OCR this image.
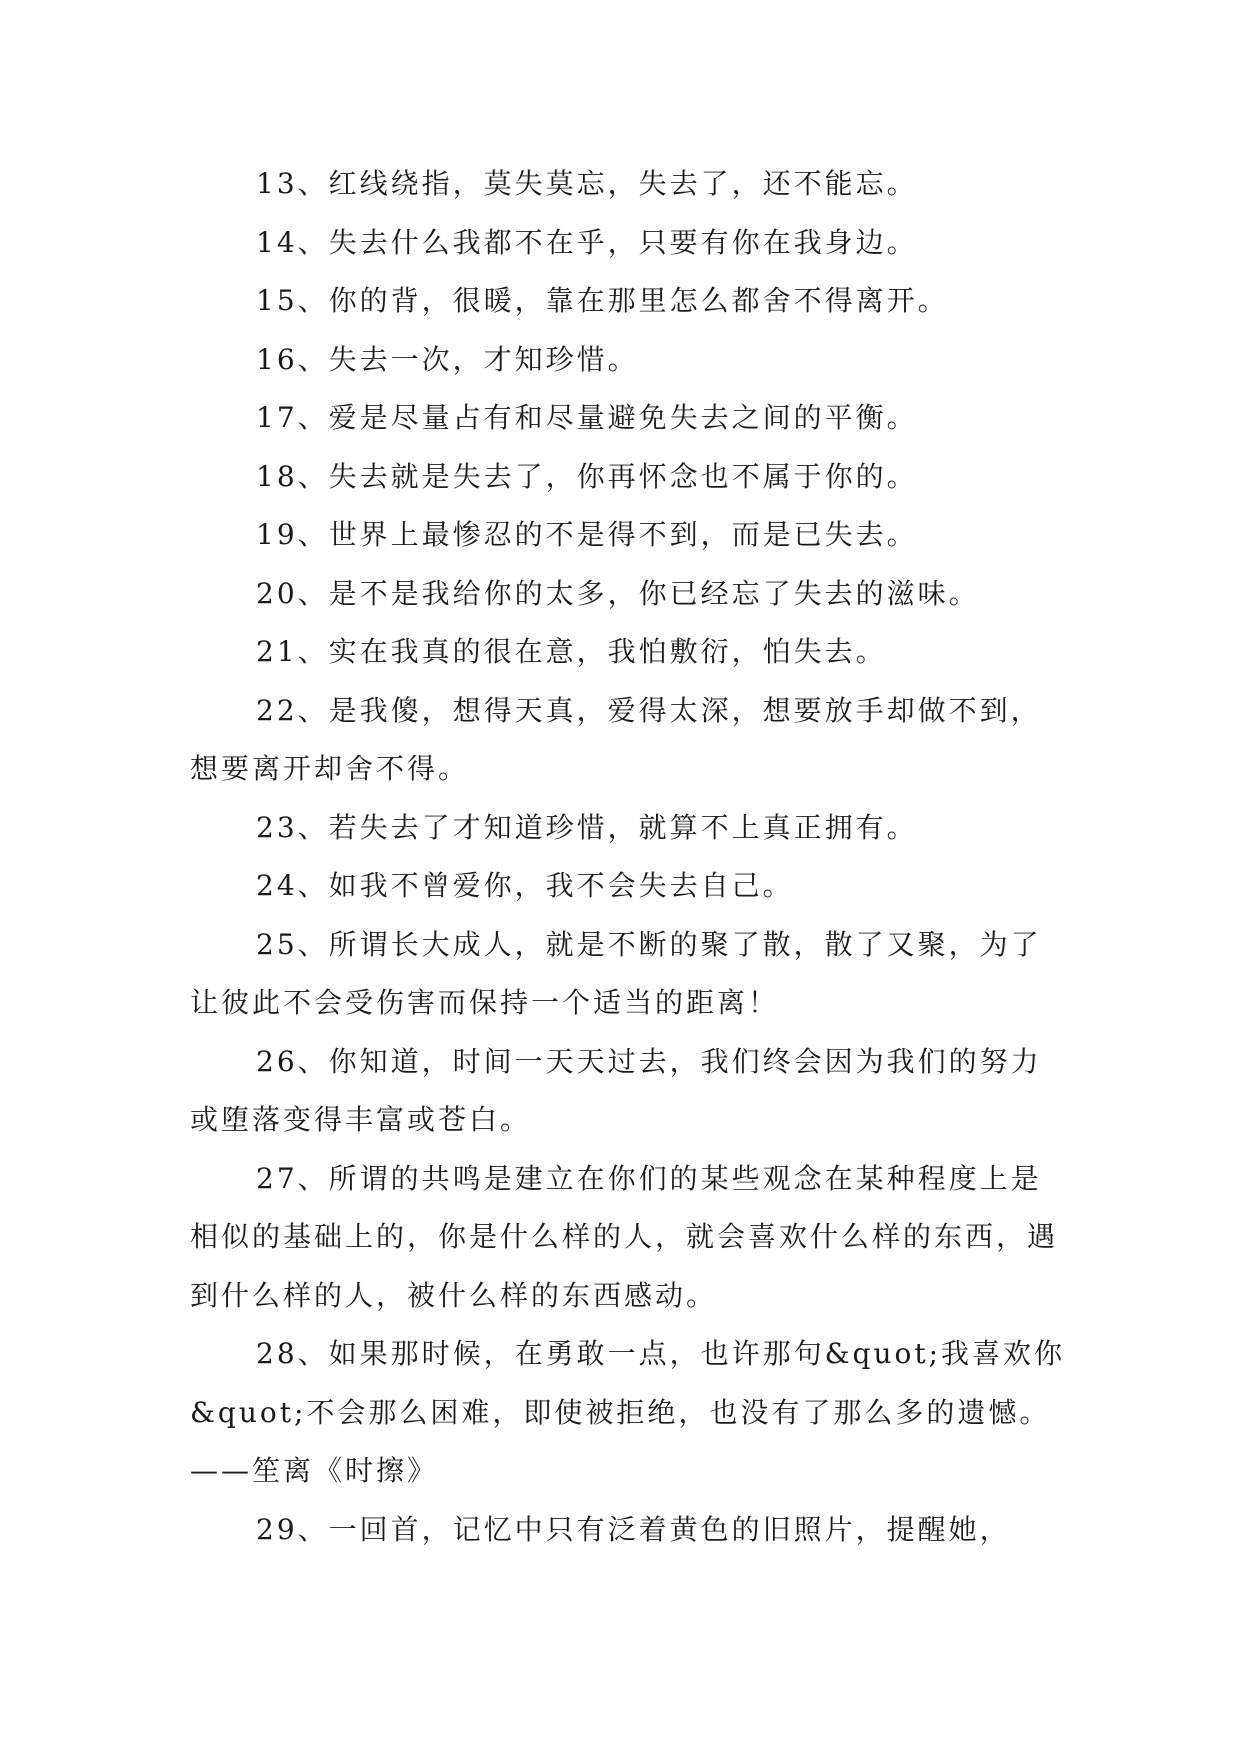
13、红线绕指，莫失莫忘，失去了，还不能忘。

14、失去什么我都不在乎，只要有你在我身边。

15、你的背，很暖，靠在那里怎么都舍不得离开。

16、失去一次，才知珍惜。

17、爱是尽量占有和尽量避免失去之间的平衡。

18、失去就是失去了，你再怀念也不属于你的。

19、世界上最惨忍的不是得不到，而是已失去。

20、是不是我给你的太多，你已经忘了失去的滋味。

21、实在我真的很在意，我怕敷衍，怕失去。

22、是我傻，想得天真，爱得太深，想要放手却做不到，想要离开却舍不得。

23、若失去了才知道珍惜，就算不上真正拥有。

24、如我不曾爱你，我不会失去自己。

25、所谓长大成人，就是不断的聚了散，散了又聚，为了让彼此不会受伤害而保持一个适当的距离！

26、你知道，时间一天天过去，我们终会因为我们的努力或堕落变得丰富或苍白。

27、所谓的共鸣是建立在你们的某些观念在某种程度上是相似的基础上的，你是什么样的人，就会喜欢什么样的东西，遇到什么样的人，被什么样的东西感动。

28、如果那时候，在勇敢一点，也许那句&quot;我喜欢你&quot;不会那么困难，即使被拒绝，也没有了那么多的遗憾。——笙离《时擦》

29、一回首，记忆中只有泛着黄色的旧照片，提醒她，
